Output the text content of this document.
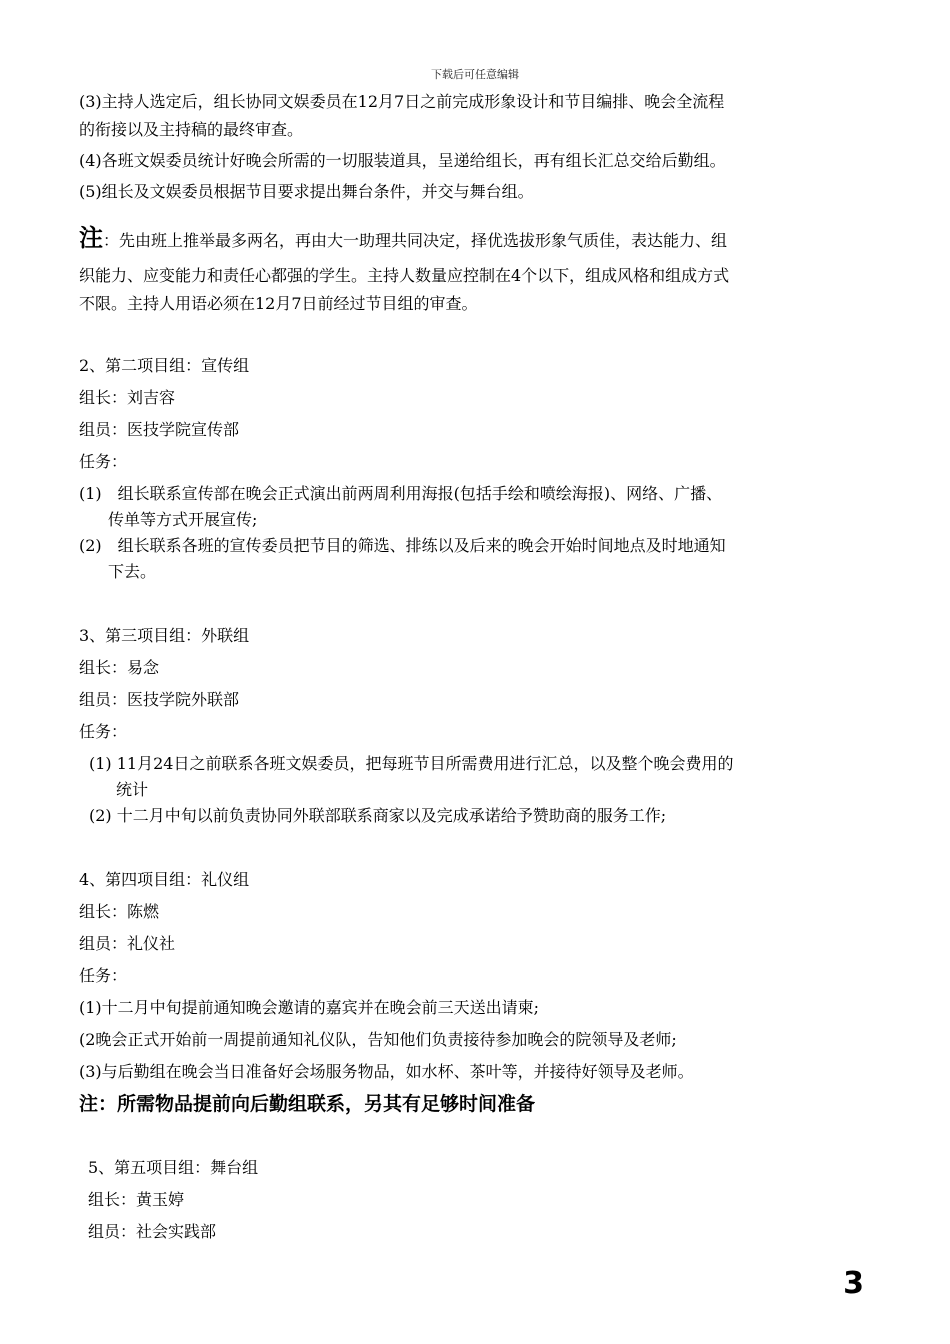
下载后可任意编辑
(3)主持人选定后，组长协同文娱委员在12月7日之前完成形象设计和节目编排、晚会全流程
的衔接以及主持稿的最终审查。
(4)各班文娱委员统计好晚会所需的一切服装道具，呈递给组长，再有组长汇总交给后勤组。
(5)组长及文娱委员根据节目要求提出舞台条件，并交与舞台组。
注：先由班上推举最多两名，再由大一助理共同决定，择优选拔形象气质佳，表达能力、组
织能力、应变能力和责任心都强的学生。主持人数量应控制在4个以下，组成风格和组成方式
不限。主持人用语必须在12月7日前经过节目组的审查。
2、第二项目组：宣传组
组长：刘吉容
组员：医技学院宣传部
任务：
(1)　组长联系宣传部在晚会正式演出前两周利用海报(包括手绘和喷绘海报)、网络、广播、
传单等方式开展宣传;
(2)　组长联系各班的宣传委员把节目的筛选、排练以及后来的晚会开始时间地点及时地通知
下去。
3、第三项目组：外联组
组长：易念
组员：医技学院外联部
任务：
(1) 11月24日之前联系各班文娱委员，把每班节目所需费用进行汇总，以及整个晚会费用的
统计
(2) 十二月中旬以前负责协同外联部联系商家以及完成承诺给予赞助商的服务工作;
4、第四项目组：礼仪组
组长：陈燃
组员：礼仪社
任务：
(1)十二月中旬提前通知晚会邀请的嘉宾并在晚会前三天送出请柬;
(2晚会正式开始前一周提前通知礼仪队，告知他们负责接待参加晚会的院领导及老师;
(3)与后勤组在晚会当日准备好会场服务物品，如水杯、茶叶等，并接待好领导及老师。
注：所需物品提前向后勤组联系，另其有足够时间准备
5、第五项目组：舞台组
组长：黄玉婷
组员：社会实践部
3
